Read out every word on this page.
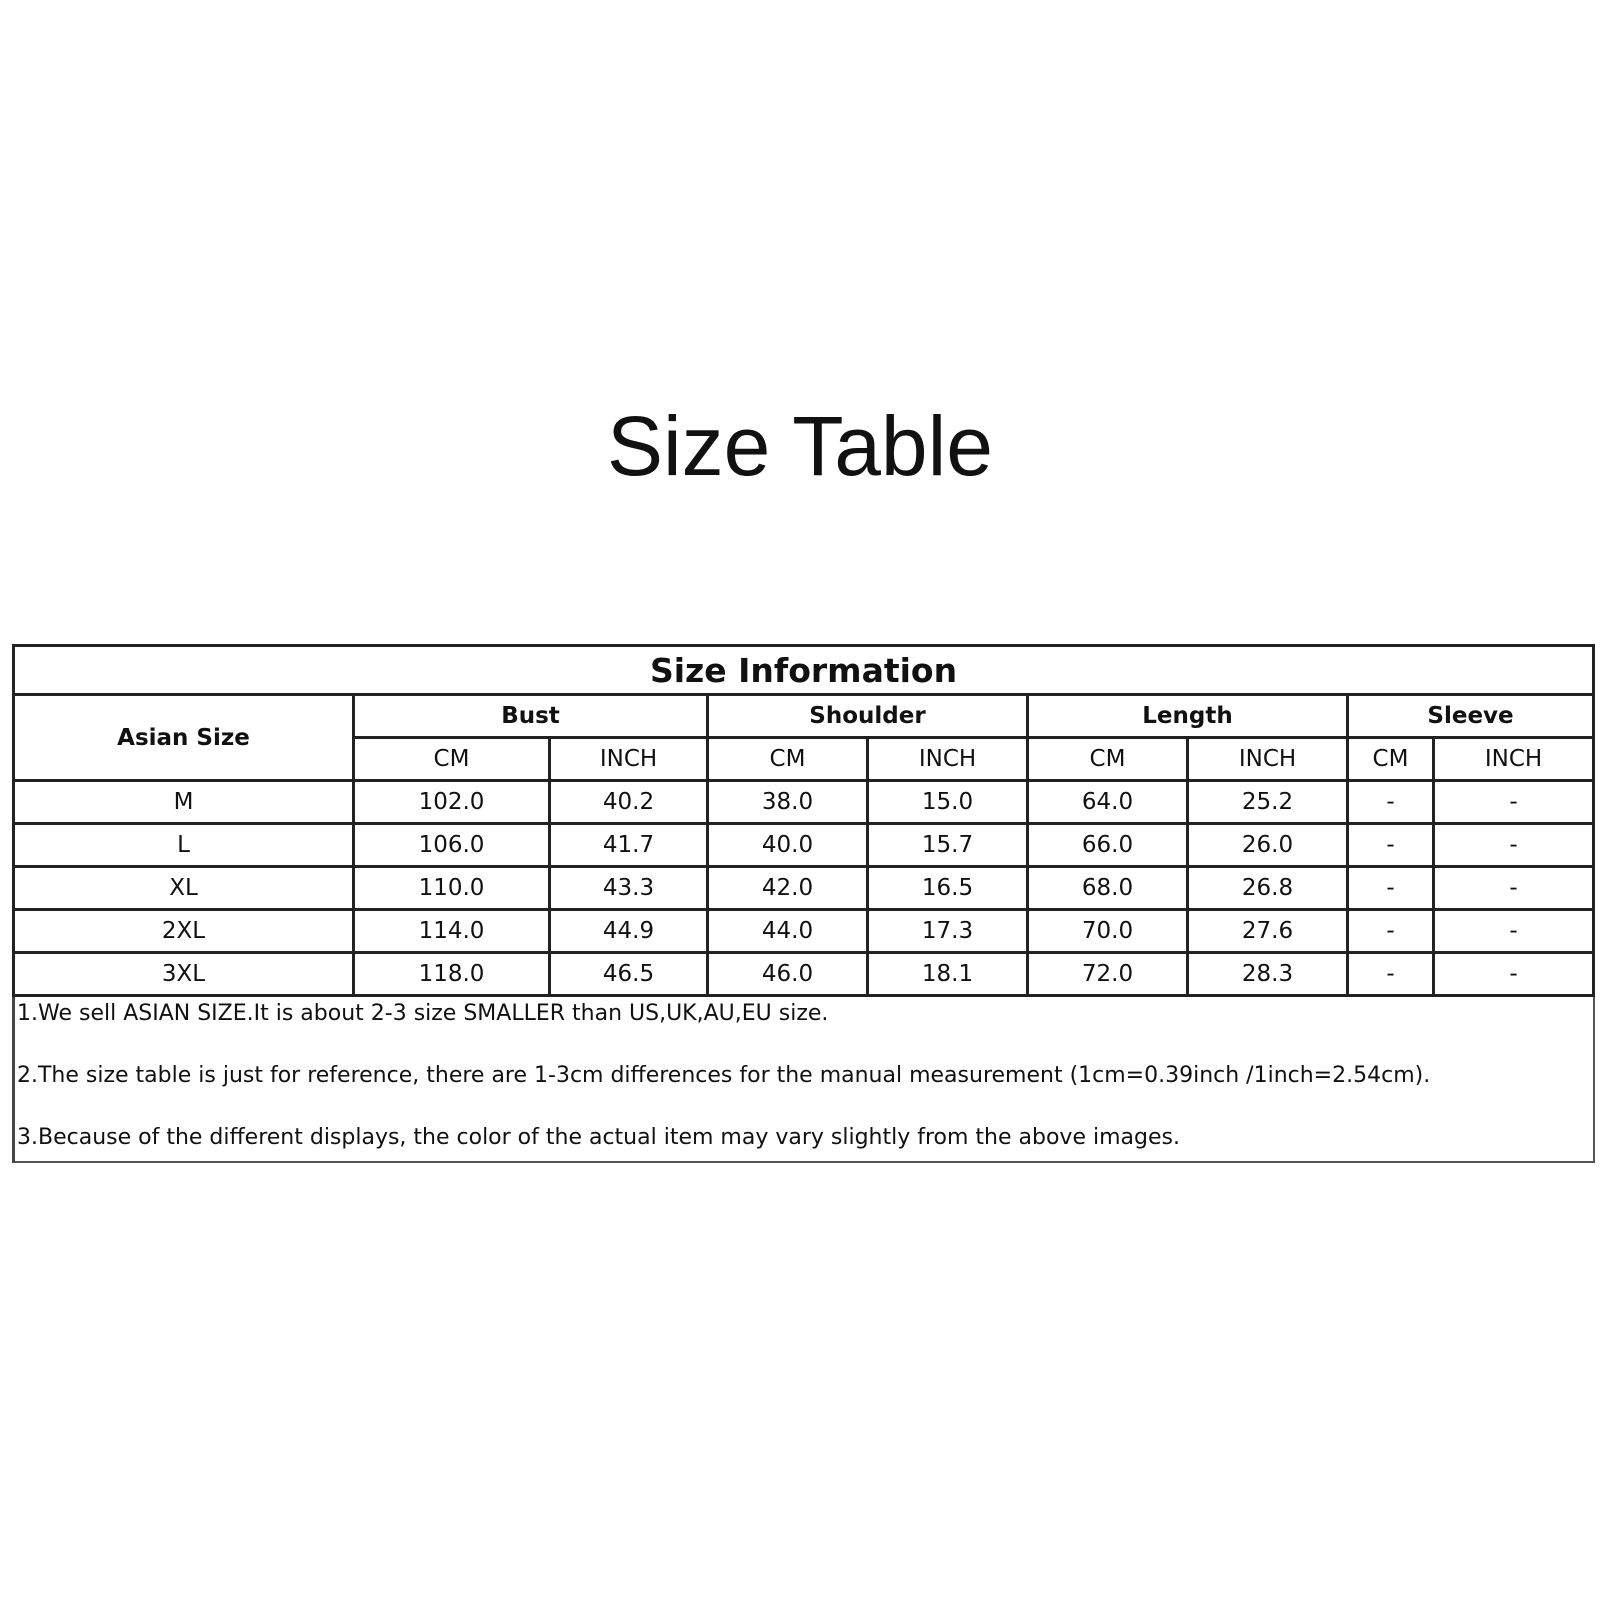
Size Table
Size Information								
Asian Size	Bust		Shoulder		Length		Sleeve	
	CM	INCH	CM	INCH	CM	INCH	CM	INCH
M	102.0	40.2	38.0	15.0	64.0	25.2	-	-
L	106.0	41.7	40.0	15.7	66.0	26.0	-	-
XL	110.0	43.3	42.0	16.5	68.0	26.8	-	-
2XL	114.0	44.9	44.0	17.3	70.0	27.6	-	-
3XL	118.0	46.5	46.0	18.1	72.0	28.3	-	-

1.We sell ASIAN SIZE.It is about 2-3 size SMALLER than US,UK,AU,EU size.

2.The size table is just for reference, there are 1-3cm differences for the manual measurement (1cm=0.39inch /1inch=2.54cm).

3.Because of the different displays, the color of the actual item may vary slightly from the above images.								
